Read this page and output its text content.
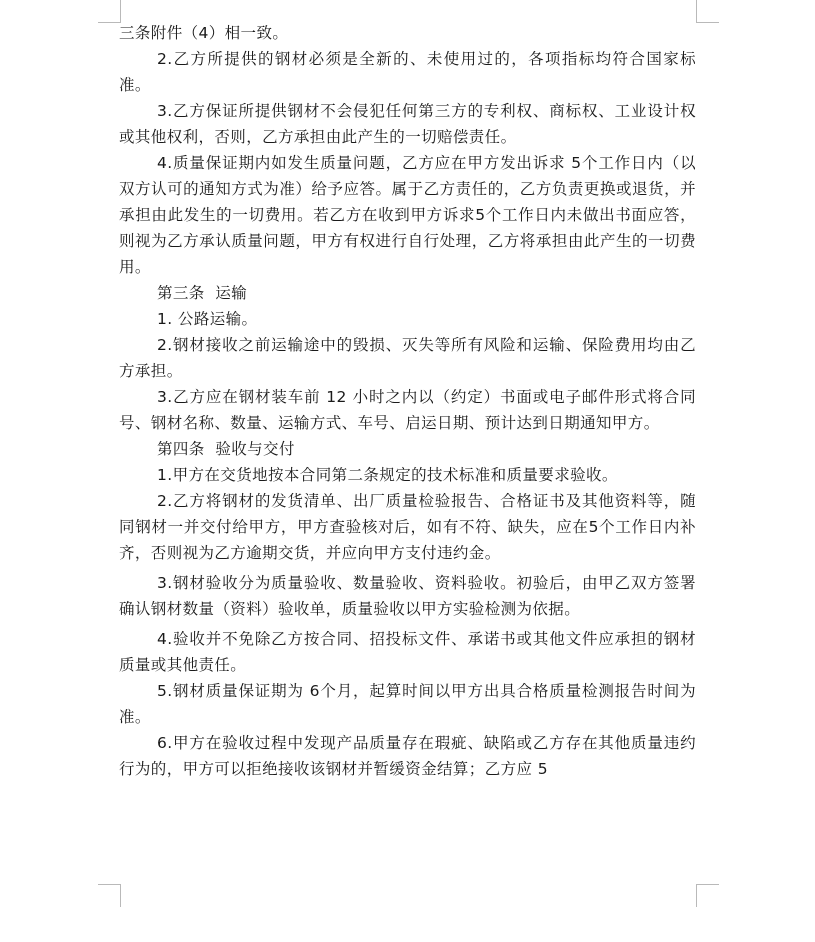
三条附件（4）相一致。

2.乙方所提供的钢材必须是全新的、未使用过的，各项指标均符合国家标准。

3.乙方保证所提供钢材不会侵犯任何第三方的专利权、商标权、工业设计权或其他权利，否则，乙方承担由此产生的一切赔偿责任。

4.质量保证期内如发生质量问题，乙方应在甲方发出诉求 5个工作日内（以双方认可的通知方式为准）给予应答。属于乙方责任的，乙方负责更换或退货，并承担由此发生的一切费用。若乙方在收到甲方诉求5个工作日内未做出书面应答，则视为乙方承认质量问题，甲方有权进行自行处理，乙方将承担由此产生的一切费用。

第三条  运输

1. 公路运输。

2.钢材接收之前运输途中的毁损、灭失等所有风险和运输、保险费用均由乙方承担。

3.乙方应在钢材装车前 12 小时之内以（约定）书面或电子邮件形式将合同号、钢材名称、数量、运输方式、车号、启运日期、预计达到日期通知甲方。

第四条  验收与交付

1.甲方在交货地按本合同第二条规定的技术标准和质量要求验收。

2.乙方将钢材的发货清单、出厂质量检验报告、合格证书及其他资料等，随同钢材一并交付给甲方，甲方查验核对后，如有不符、缺失，应在5个工作日内补齐，否则视为乙方逾期交货，并应向甲方支付违约金。

3.钢材验收分为质量验收、数量验收、资料验收。初验后，由甲乙双方签署确认钢材数量（资料）验收单，质量验收以甲方实验检测为依据。

4.验收并不免除乙方按合同、招投标文件、承诺书或其他文件应承担的钢材质量或其他责任。

5.钢材质量保证期为 6个月，起算时间以甲方出具合格质量检测报告时间为准。

6.甲方在验收过程中发现产品质量存在瑕疵、缺陷或乙方存在其他质量违约行为的，甲方可以拒绝接收该钢材并暂缓资金结算；乙方应 5
